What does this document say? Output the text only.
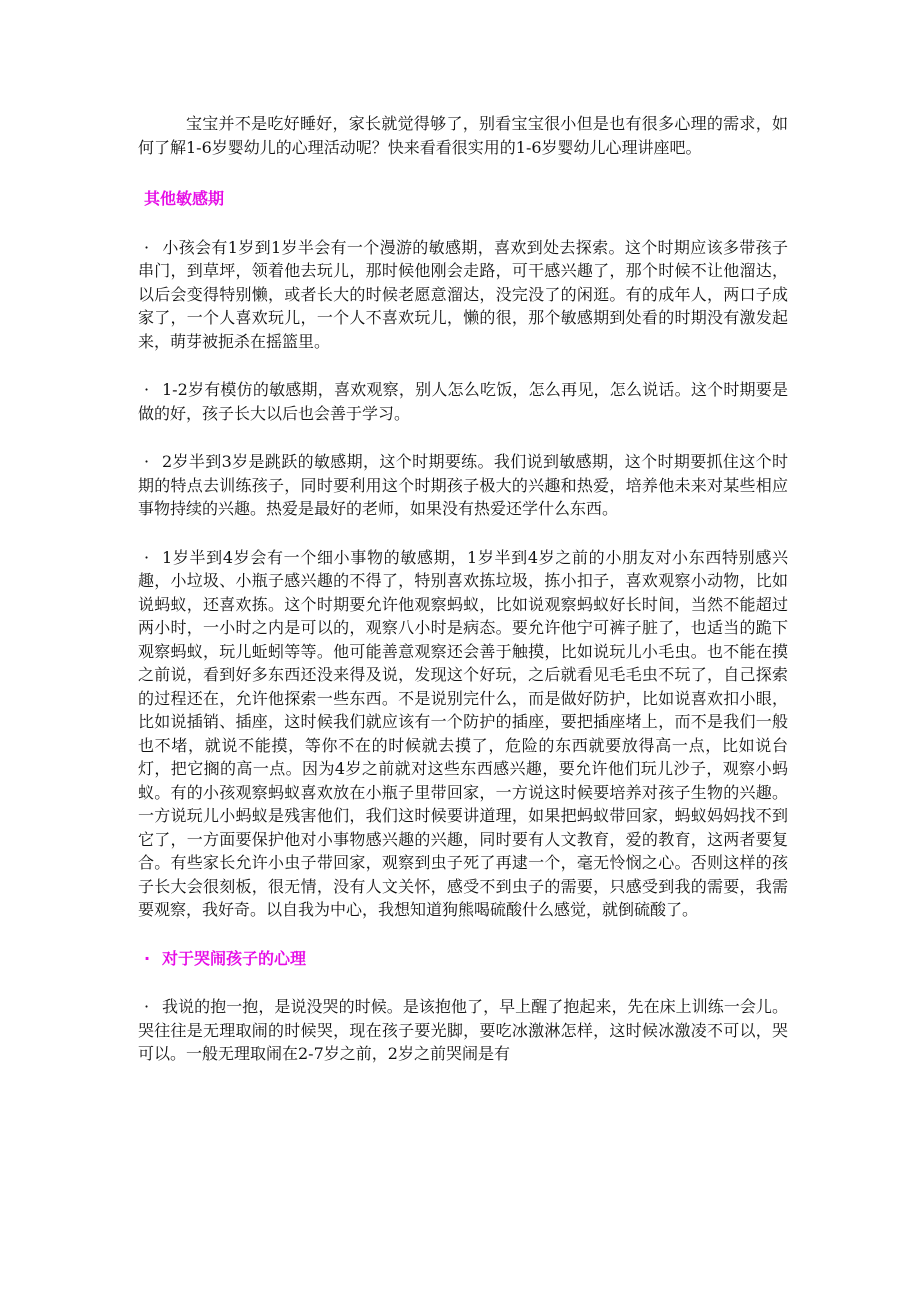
宝宝并不是吃好睡好，家长就觉得够了，别看宝宝很小但是也有很多心理的需求，如何了解1-6岁婴幼儿的心理活动呢？快来看看很实用的1-6岁婴幼儿心理讲座吧。

其他敏感期

· 小孩会有1岁到1岁半会有一个漫游的敏感期，喜欢到处去探索。这个时期应该多带孩子串门，到草坪，领着他去玩儿，那时候他刚会走路，可干感兴趣了，那个时候不让他溜达，以后会变得特别懒，或者长大的时候老愿意溜达，没完没了的闲逛。有的成年人，两口子成家了，一个人喜欢玩儿，一个人不喜欢玩儿，懒的很，那个敏感期到处看的时期没有激发起来，萌芽被扼杀在摇篮里。

· 1-2岁有模仿的敏感期，喜欢观察，别人怎么吃饭，怎么再见，怎么说话。这个时期要是做的好，孩子长大以后也会善于学习。

· 2岁半到3岁是跳跃的敏感期，这个时期要练。我们说到敏感期，这个时期要抓住这个时期的特点去训练孩子，同时要利用这个时期孩子极大的兴趣和热爱，培养他未来对某些相应事物持续的兴趣。热爱是最好的老师，如果没有热爱还学什么东西。

· 1岁半到4岁会有一个细小事物的敏感期，1岁半到4岁之前的小朋友对小东西特别感兴趣，小垃圾、小瓶子感兴趣的不得了，特别喜欢拣垃圾，拣小扣子，喜欢观察小动物，比如说蚂蚁，还喜欢拣。这个时期要允许他观察蚂蚁，比如说观察蚂蚁好长时间，当然不能超过两小时，一小时之内是可以的，观察八小时是病态。要允许他宁可裤子脏了，也适当的跪下观察蚂蚁，玩儿蚯蚓等等。他可能善意观察还会善于触摸，比如说玩儿小毛虫。也不能在摸之前说，看到好多东西还没来得及说，发现这个好玩，之后就看见毛毛虫不玩了，自己探索的过程还在，允许他探索一些东西。不是说别完什么，而是做好防护，比如说喜欢扣小眼，比如说插销、插座，这时候我们就应该有一个防护的插座，要把插座堵上，而不是我们一般也不堵，就说不能摸，等你不在的时候就去摸了，危险的东西就要放得高一点，比如说台灯，把它搁的高一点。因为4岁之前就对这些东西感兴趣，要允许他们玩儿沙子，观察小蚂蚁。有的小孩观察蚂蚁喜欢放在小瓶子里带回家，一方说这时候要培养对孩子生物的兴趣。一方说玩儿小蚂蚁是残害他们，我们这时候要讲道理，如果把蚂蚁带回家，蚂蚁妈妈找不到它了，一方面要保护他对小事物感兴趣的兴趣，同时要有人文教育，爱的教育，这两者要复合。有些家长允许小虫子带回家，观察到虫子死了再逮一个，毫无怜悯之心。否则这样的孩子长大会很刻板，很无情，没有人文关怀，感受不到虫子的需要，只感受到我的需要，我需要观察，我好奇。以自我为中心，我想知道狗熊喝硫酸什么感觉，就倒硫酸了。

· 对于哭闹孩子的心理

· 我说的抱一抱，是说没哭的时候。是该抱他了，早上醒了抱起来，先在床上训练一会儿。哭往往是无理取闹的时候哭，现在孩子要光脚，要吃冰激淋怎样，这时候冰激凌不可以，哭可以。一般无理取闹在2-7岁之前，2岁之前哭闹是有
